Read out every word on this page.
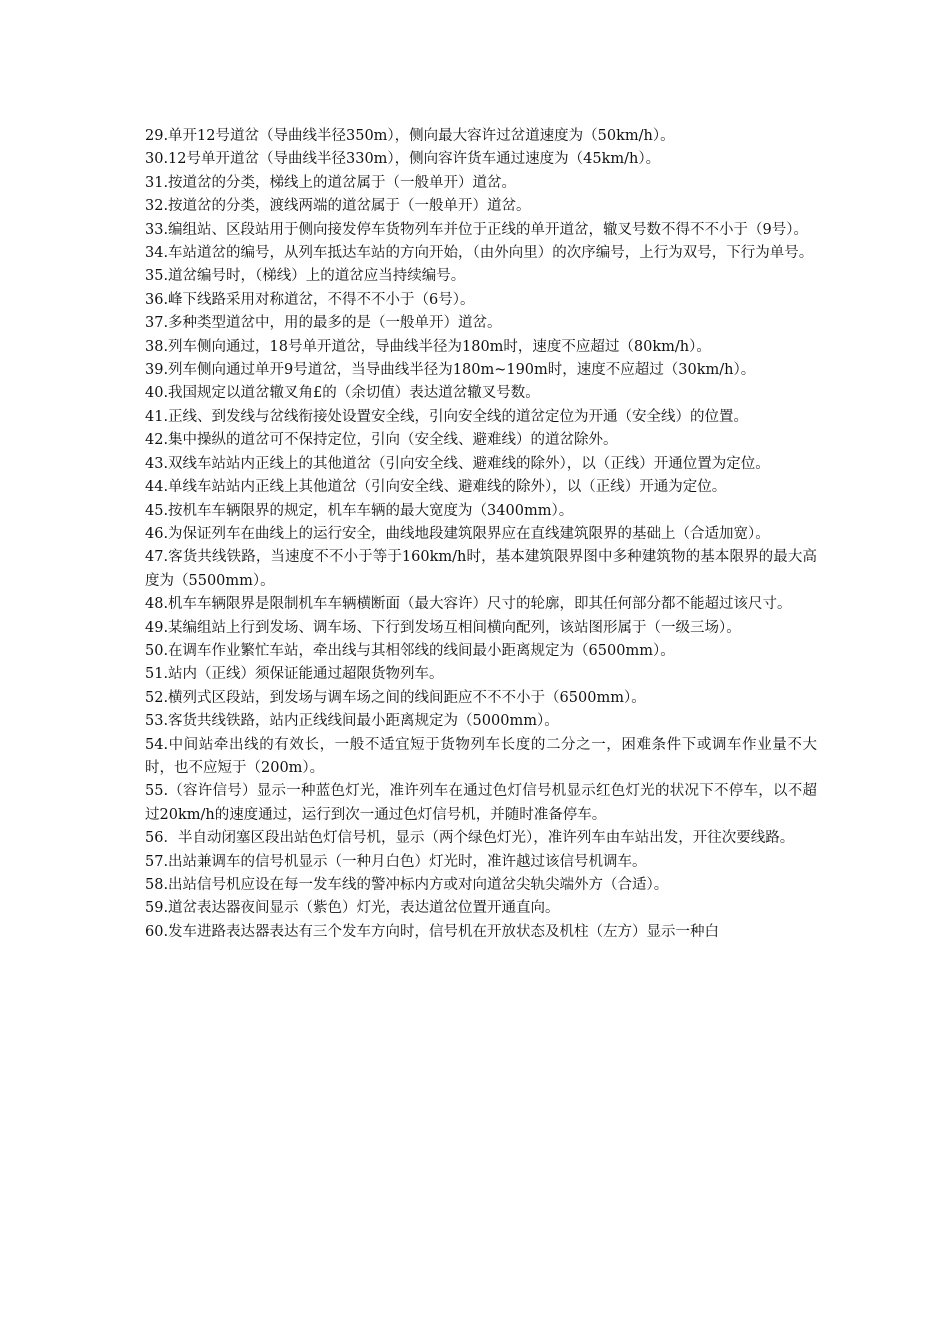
29.单开12号道岔（导曲线半径350m），侧向最大容许过岔道速度为（50km/h）。

30.12号单开道岔（导曲线半径330m），侧向容许货车通过速度为（45km/h）。

31.按道岔的分类，梯线上的道岔属于（一般单开）道岔。

32.按道岔的分类，渡线两端的道岔属于（一般单开）道岔。

33.编组站、区段站用于侧向接发停车货物列车并位于正线的单开道岔，辙叉号数不得不不小于（9号）。

34.车站道岔的编号，从列车抵达车站的方向开始，（由外向里）的次序编号，上行为双号，下行为单号。

35.道岔编号时，（梯线）上的道岔应当持续编号。

36.峰下线路采用对称道岔，不得不不小于（6号）。

37.多种类型道岔中，用的最多的是（一般单开）道岔。

38.列车侧向通过，18号单开道岔，导曲线半径为180m时，速度不应超过（80km/h）。

39.列车侧向通过单开9号道岔，当导曲线半径为180m~190m时，速度不应超过（30km/h）。

40.我国规定以道岔辙叉角£的（余切值）表达道岔辙叉号数。

41.正线、到发线与岔线衔接处设置安全线，引向安全线的道岔定位为开通（安全线）的位置。

42.集中操纵的道岔可不保持定位，引向（安全线、避难线）的道岔除外。

43.双线车站站内正线上的其他道岔（引向安全线、避难线的除外），以（正线）开通位置为定位。

44.单线车站站内正线上其他道岔（引向安全线、避难线的除外），以（正线）开通为定位。

45.按机车车辆限界的规定，机车车辆的最大宽度为（3400mm）。

46.为保证列车在曲线上的运行安全，曲线地段建筑限界应在直线建筑限界的基础上（合适加宽）。

47.客货共线铁路，当速度不不小于等于160km/h时，基本建筑限界图中多种建筑物的基本限界的最大高度为（5500mm）。

48.机车车辆限界是限制机车车辆横断面（最大容许）尺寸的轮廓，即其任何部分都不能超过该尺寸。

49.某编组站上行到发场、调车场、下行到发场互相间横向配列，该站图形属于（一级三场）。

50.在调车作业繁忙车站，牵出线与其相邻线的线间最小距离规定为（6500mm）。

51.站内（正线）须保证能通过超限货物列车。

52.横列式区段站，到发场与调车场之间的线间距应不不不小于（6500mm）。

53.客货共线铁路，站内正线线间最小距离规定为（5000mm）。

54.中间站牵出线的有效长，一般不适宜短于货物列车长度的二分之一，困难条件下或调车作业量不大时，也不应短于（200m）。

55.（容许信号）显示一种蓝色灯光，准许列车在通过色灯信号机显示红色灯光的状况下不停车，以不超过20km/h的速度通过，运行到次一通过色灯信号机，并随时准备停车。

56．半自动闭塞区段出站色灯信号机，显示（两个绿色灯光），准许列车由车站出发，开往次要线路。

57.出站兼调车的信号机显示（一种月白色）灯光时，准许越过该信号机调车。

58.出站信号机应设在每一发车线的警冲标内方或对向道岔尖轨尖端外方（合适）。

59.道岔表达器夜间显示（紫色）灯光，表达道岔位置开通直向。

60.发车进路表达器表达有三个发车方向时，信号机在开放状态及机柱（左方）显示一种白
